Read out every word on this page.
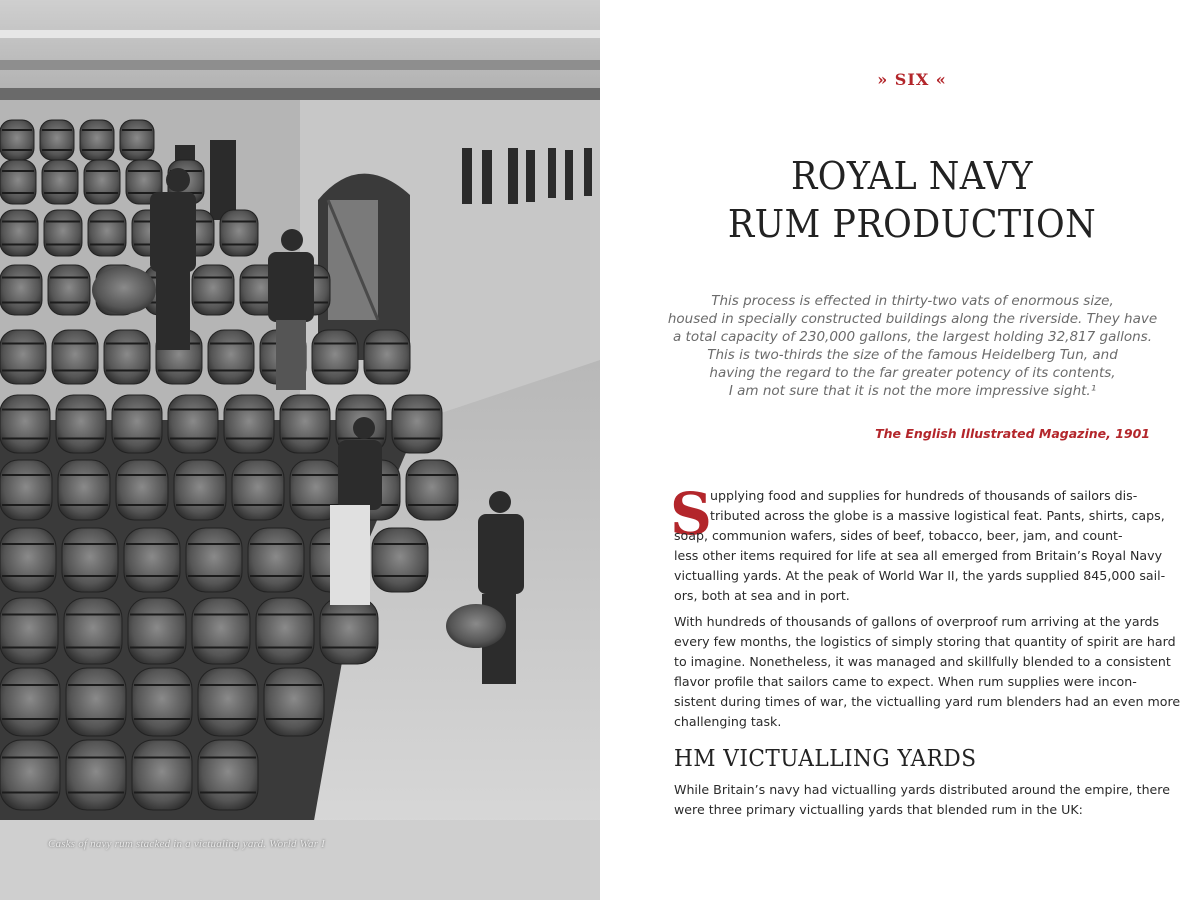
Casks of navy rum stacked in a victualing yard. World War I
» SIX «
ROYAL NAVY
RUM PRODUCTION
This process is effected in thirty-two vats of enormous size,
housed in specially constructed buildings along the riverside. They have
a total capacity of 230,000 gallons, the largest holding 32,817 gallons.
This is two-thirds the size of the famous Heidelberg Tun, and
having the regard to the far greater potency of its contents,
I am not sure that it is not the more impressive sight.¹
The English Illustrated Magazine, 1901
S
upplying food and supplies for hundreds of thousands of sailors dis-
tributed across the globe is a massive logistical feat. Pants, shirts, caps,
soap, communion wafers, sides of beef, tobacco, beer, jam, and count-
less other items required for life at sea all emerged from Britain’s Royal Navy
victualling yards. At the peak of World War II, the yards supplied 845,000 sail-
ors, both at sea and in port.
With hundreds of thousands of gallons of overproof rum arriving at the yards
every few months, the logistics of simply storing that quantity of spirit are hard
to imagine. Nonetheless, it was managed and skillfully blended to a consistent
flavor profile that sailors came to expect. When rum supplies were incon-
sistent during times of war, the victualling yard rum blenders had an even more
challenging task.
HM VICTUALLING YARDS
While Britain’s navy had victualling yards distributed around the empire, there
were three primary victualling yards that blended rum in the UK:
